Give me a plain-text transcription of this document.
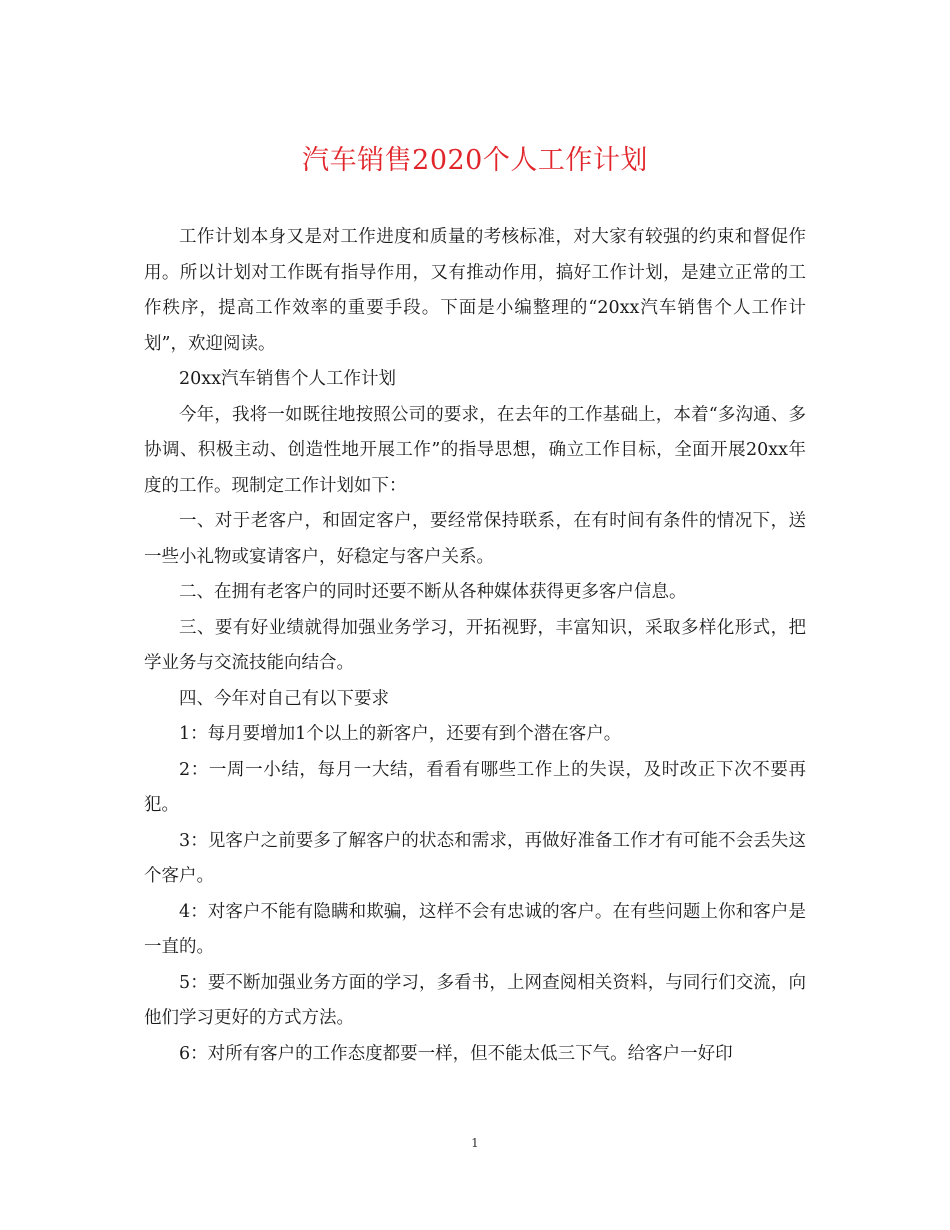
汽车销售2020个人工作计划

工作计划本身又是对工作进度和质量的考核标准，对大家有较强的约束和督促作用。所以计划对工作既有指导作用，又有推动作用，搞好工作计划，是建立正常的工作秩序，提高工作效率的重要手段。下面是小编整理的“20xx汽车销售个人工作计划”，欢迎阅读。

20xx汽车销售个人工作计划

今年，我将一如既往地按照公司的要求，在去年的工作基础上，本着“多沟通、多协调、积极主动、创造性地开展工作”的指导思想，确立工作目标，全面开展20xx年度的工作。现制定工作计划如下：

一、对于老客户，和固定客户，要经常保持联系，在有时间有条件的情况下，送一些小礼物或宴请客户，好稳定与客户关系。

二、在拥有老客户的同时还要不断从各种媒体获得更多客户信息。

三、要有好业绩就得加强业务学习，开拓视野，丰富知识，采取多样化形式，把学业务与交流技能向结合。

四、今年对自己有以下要求

1：每月要增加1个以上的新客户，还要有到个潜在客户。

2：一周一小结，每月一大结，看看有哪些工作上的失误，及时改正下次不要再犯。

3：见客户之前要多了解客户的状态和需求，再做好准备工作才有可能不会丢失这个客户。

4：对客户不能有隐瞒和欺骗，这样不会有忠诚的客户。在有些问题上你和客户是一直的。

5：要不断加强业务方面的学习，多看书，上网查阅相关资料，与同行们交流，向他们学习更好的方式方法。

6：对所有客户的工作态度都要一样，但不能太低三下气。给客户一好印

1
